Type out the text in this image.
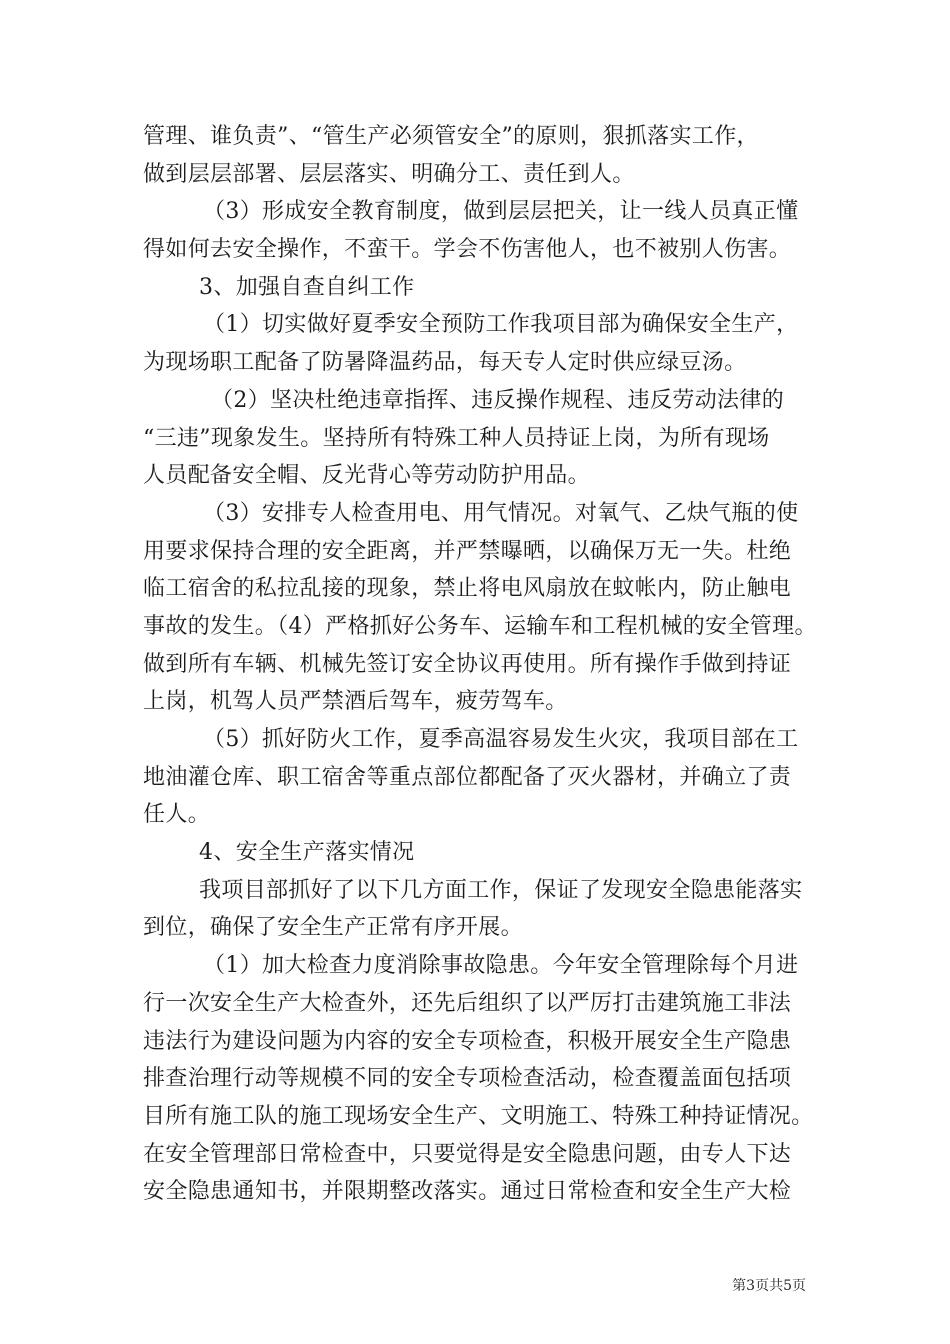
管理、谁负责”、“管生产必须管安全”的原则，狠抓落实工作，
做到层层部署、层层落实、明确分工、责任到人。
（3）形成安全教育制度，做到层层把关，让一线人员真正懂
得如何去安全操作，不蛮干。学会不伤害他人，也不被别人伤害。
3、加强自查自纠工作
（1）切实做好夏季安全预防工作我项目部为确保安全生产，
为现场职工配备了防暑降温药品，每天专人定时供应绿豆汤。
（2）坚决杜绝违章指挥、违反操作规程、违反劳动法律的
“三违”现象发生。坚持所有特殊工种人员持证上岗，为所有现场
人员配备安全帽、反光背心等劳动防护用品。
（3）安排专人检查用电、用气情况。对氧气、乙炔气瓶的使
用要求保持合理的安全距离，并严禁曝晒，以确保万无一失。杜绝
临工宿舍的私拉乱接的现象，禁止将电风扇放在蚊帐内，防止触电
事故的发生。（4）严格抓好公务车、运输车和工程机械的安全管理。
做到所有车辆、机械先签订安全协议再使用。所有操作手做到持证
上岗，机驾人员严禁酒后驾车，疲劳驾车。
（5）抓好防火工作，夏季高温容易发生火灾，我项目部在工
地油灌仓库、职工宿舍等重点部位都配备了灭火器材，并确立了责
任人。
4、安全生产落实情况
我项目部抓好了以下几方面工作，保证了发现安全隐患能落实
到位，确保了安全生产正常有序开展。
（1）加大检查力度消除事故隐患。今年安全管理除每个月进
行一次安全生产大检查外，还先后组织了以严厉打击建筑施工非法
违法行为建设问题为内容的安全专项检查，积极开展安全生产隐患
排查治理行动等规模不同的安全专项检查活动，检查覆盖面包括项
目所有施工队的施工现场安全生产、文明施工、特殊工种持证情况。
在安全管理部日常检查中，只要觉得是安全隐患问题，由专人下达
安全隐患通知书，并限期整改落实。通过日常检查和安全生产大检
第3页共5页
